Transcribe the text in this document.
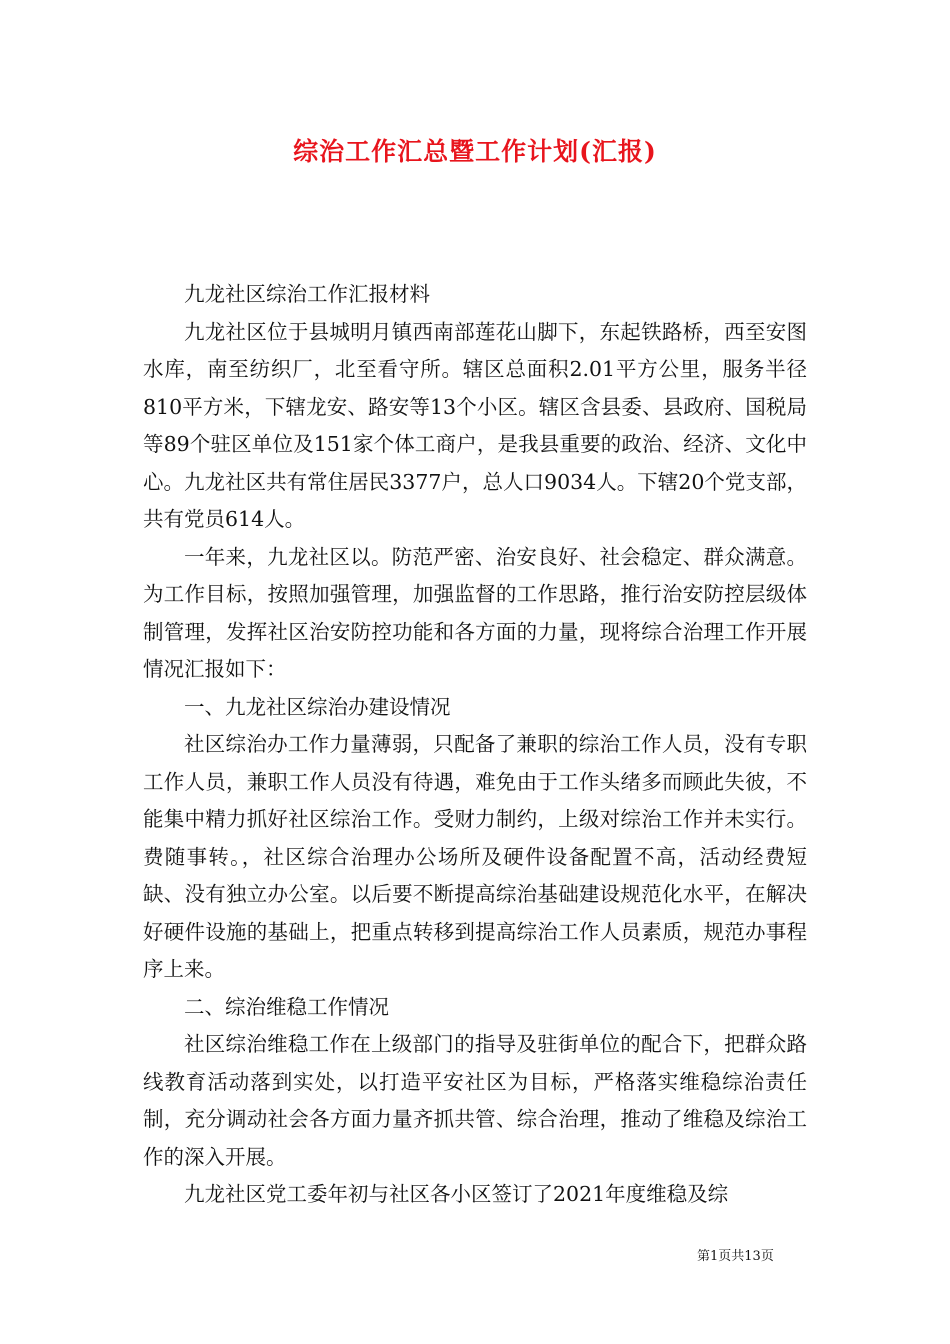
综治工作汇总暨工作计划(汇报)

九龙社区综治工作汇报材料

九龙社区位于县城明月镇西南部莲花山脚下，东起铁路桥，西至安图水库，南至纺织厂，北至看守所。辖区总面积2.01平方公里，服务半径810平方米，下辖龙安、路安等13个小区。辖区含县委、县政府、国税局等89个驻区单位及151家个体工商户，是我县重要的政治、经济、文化中心。九龙社区共有常住居民3377户，总人口9034人。下辖20个党支部，共有党员614人。

一年来，九龙社区以。防范严密、治安良好、社会稳定、群众满意。为工作目标，按照加强管理，加强监督的工作思路，推行治安防控层级体制管理，发挥社区治安防控功能和各方面的力量，现将综合治理工作开展情况汇报如下：

一、九龙社区综治办建设情况

社区综治办工作力量薄弱，只配备了兼职的综治工作人员，没有专职工作人员，兼职工作人员没有待遇，难免由于工作头绪多而顾此失彼，不能集中精力抓好社区综治工作。受财力制约，上级对综治工作并未实行。费随事转。，社区综合治理办公场所及硬件设备配置不高，活动经费短缺、没有独立办公室。以后要不断提高综治基础建设规范化水平，在解决好硬件设施的基础上，把重点转移到提高综治工作人员素质，规范办事程序上来。

二、综治维稳工作情况

社区综治维稳工作在上级部门的指导及驻街单位的配合下，把群众路线教育活动落到实处，以打造平安社区为目标，严格落实维稳综治责任制，充分调动社会各方面力量齐抓共管、综合治理，推动了维稳及综治工作的深入开展。

九龙社区党工委年初与社区各小区签订了2021年度维稳及综

第1页共13页
